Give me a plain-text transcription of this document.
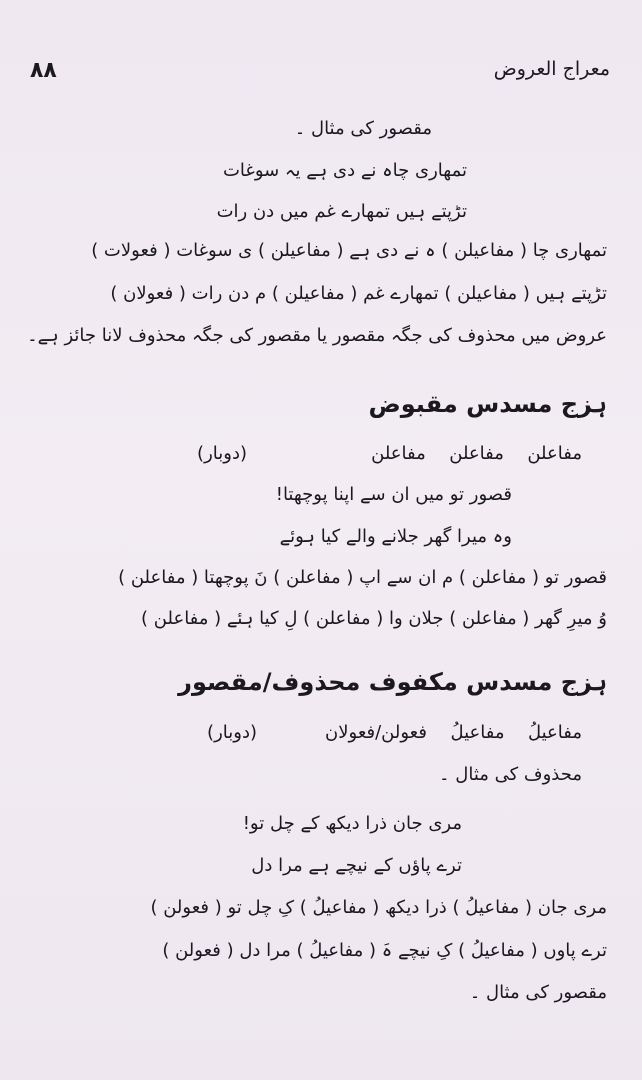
۸۸	معراج العروض
مقصور کی مثال ۔
تمھاری چاہ نے دی ہے یہ سوغات
تڑپتے ہیں تمھارے غم میں دن رات
تمھاری چا ( مفاعیلن ) ہ نے دی ہے ( مفاعیلن ) ی سوغات ( فعولات )
تڑپتے ہیں ( مفاعیلن ) تمھارے غم ( مفاعیلن ) م دن رات ( فعولان )
عروض میں محذوف کی جگہ مقصور یا مقصور کی جگہ محذوف لانا جائز ہے۔
ہزج مسدس مقبوض
مفاعلن  مفاعلن  مفاعلن
(دوبار)
قصور تو میں ان سے اپنا پوچھتا!
وہ میرا گھر جلانے والے کیا ہوئے
قصور تو ( مفاعلن ) م ان سے اپ ( مفاعلن ) نَ پوچھتا ( مفاعلن )
وُ میرِ گھر ( مفاعلن ) جلان وا ( مفاعلن ) لِ کیا ہئے ( مفاعلن )
ہزج مسدس مکفوف محذوف/مقصور
مفاعیلُ  مفاعیلُ  فعولن/فعولان
(دوبار)
محذوف کی مثال ۔
مری جان ذرا دیکھ کے چل تو!
ترے پاؤں کے نیچے ہے مرا دل
مری جان ( مفاعیلُ ) ذرا دیکھ ( مفاعیلُ ) کِ چل تو ( فعولن )
ترے پاوں ( مفاعیلُ ) کِ نیچے ہَ ( مفاعیلُ ) مرا دل ( فعولن )
مقصور کی مثال ۔
